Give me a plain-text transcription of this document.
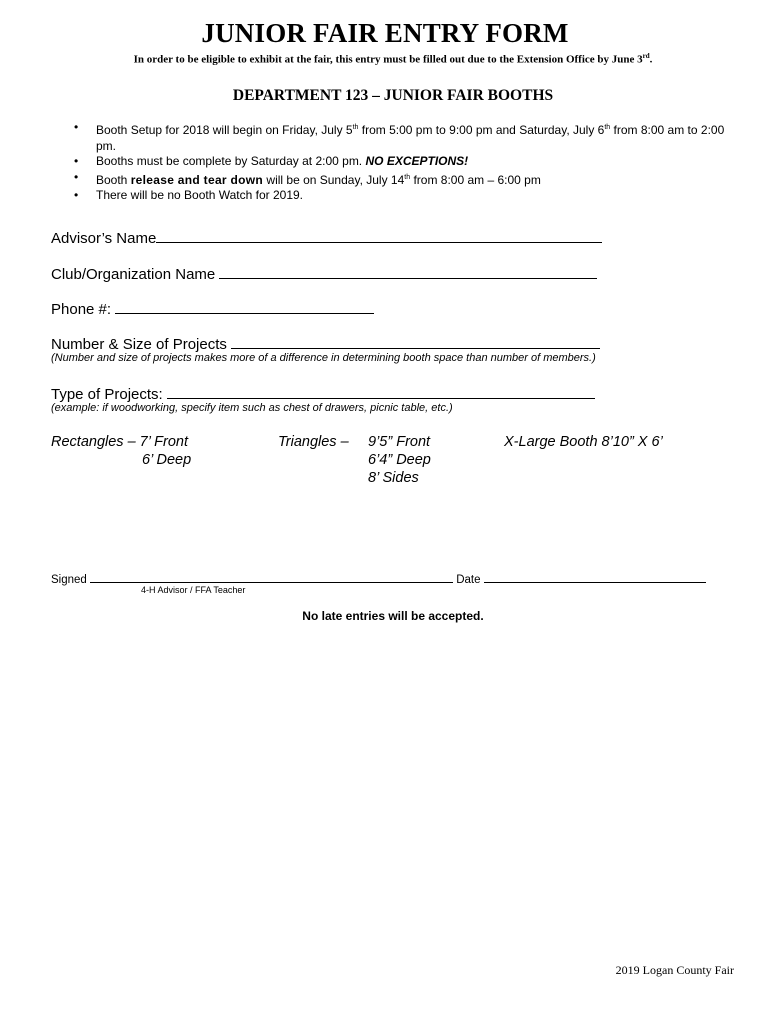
JUNIOR FAIR ENTRY FORM
In order to be eligible to exhibit at the fair, this entry must be filled out due to the Extension Office by June 3rd.
DEPARTMENT 123 – JUNIOR FAIR BOOTHS
• Booth Setup for 2018 will begin on Friday, July 5th from 5:00 pm to 9:00 pm and Saturday, July 6th from 8:00 am to 2:00 pm.
• Booths must be complete by Saturday at 2:00 pm. NO EXCEPTIONS!
• Booth release and tear down will be on Sunday, July 14th from 8:00 am – 6:00 pm
• There will be no Booth Watch for 2019.
Advisor’s Name
Club/Organization Name
Phone #:
Number & Size of Projects
(Number and size of projects makes more of a difference in determining booth space than number of members.)
Type of Projects:
(example: if woodworking, specify item such as chest of drawers, picnic table, etc.)
Rectangles – 7’ Front
6’ Deep
Triangles – 9’5” Front
6’4” Deep
8’ Sides
X-Large Booth 8’10” X 6’
Signed	Date
4-H Advisor / FFA Teacher
No late entries will be accepted.
2019 Logan County Fair
